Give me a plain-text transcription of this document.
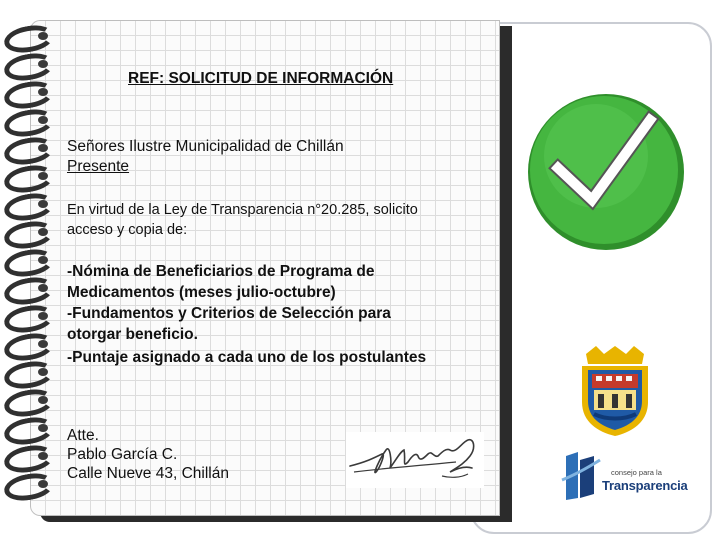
REF: SOLICITUD DE INFORMACIÓN

Señores Ilustre Municipalidad de Chillán

Presente

En virtud de la Ley de Transparencia n°20.285, solicito

acceso y copia de:

-Nómina de Beneficiarios de Programa de

Medicamentos (meses julio-octubre)

-Fundamentos y Criterios de Selección para

otorgar beneficio.

-Puntaje asignado a cada uno de los postulantes

Atte.

Pablo García C.

Calle Nueve 43, Chillán	consejo para la
Transparencia
